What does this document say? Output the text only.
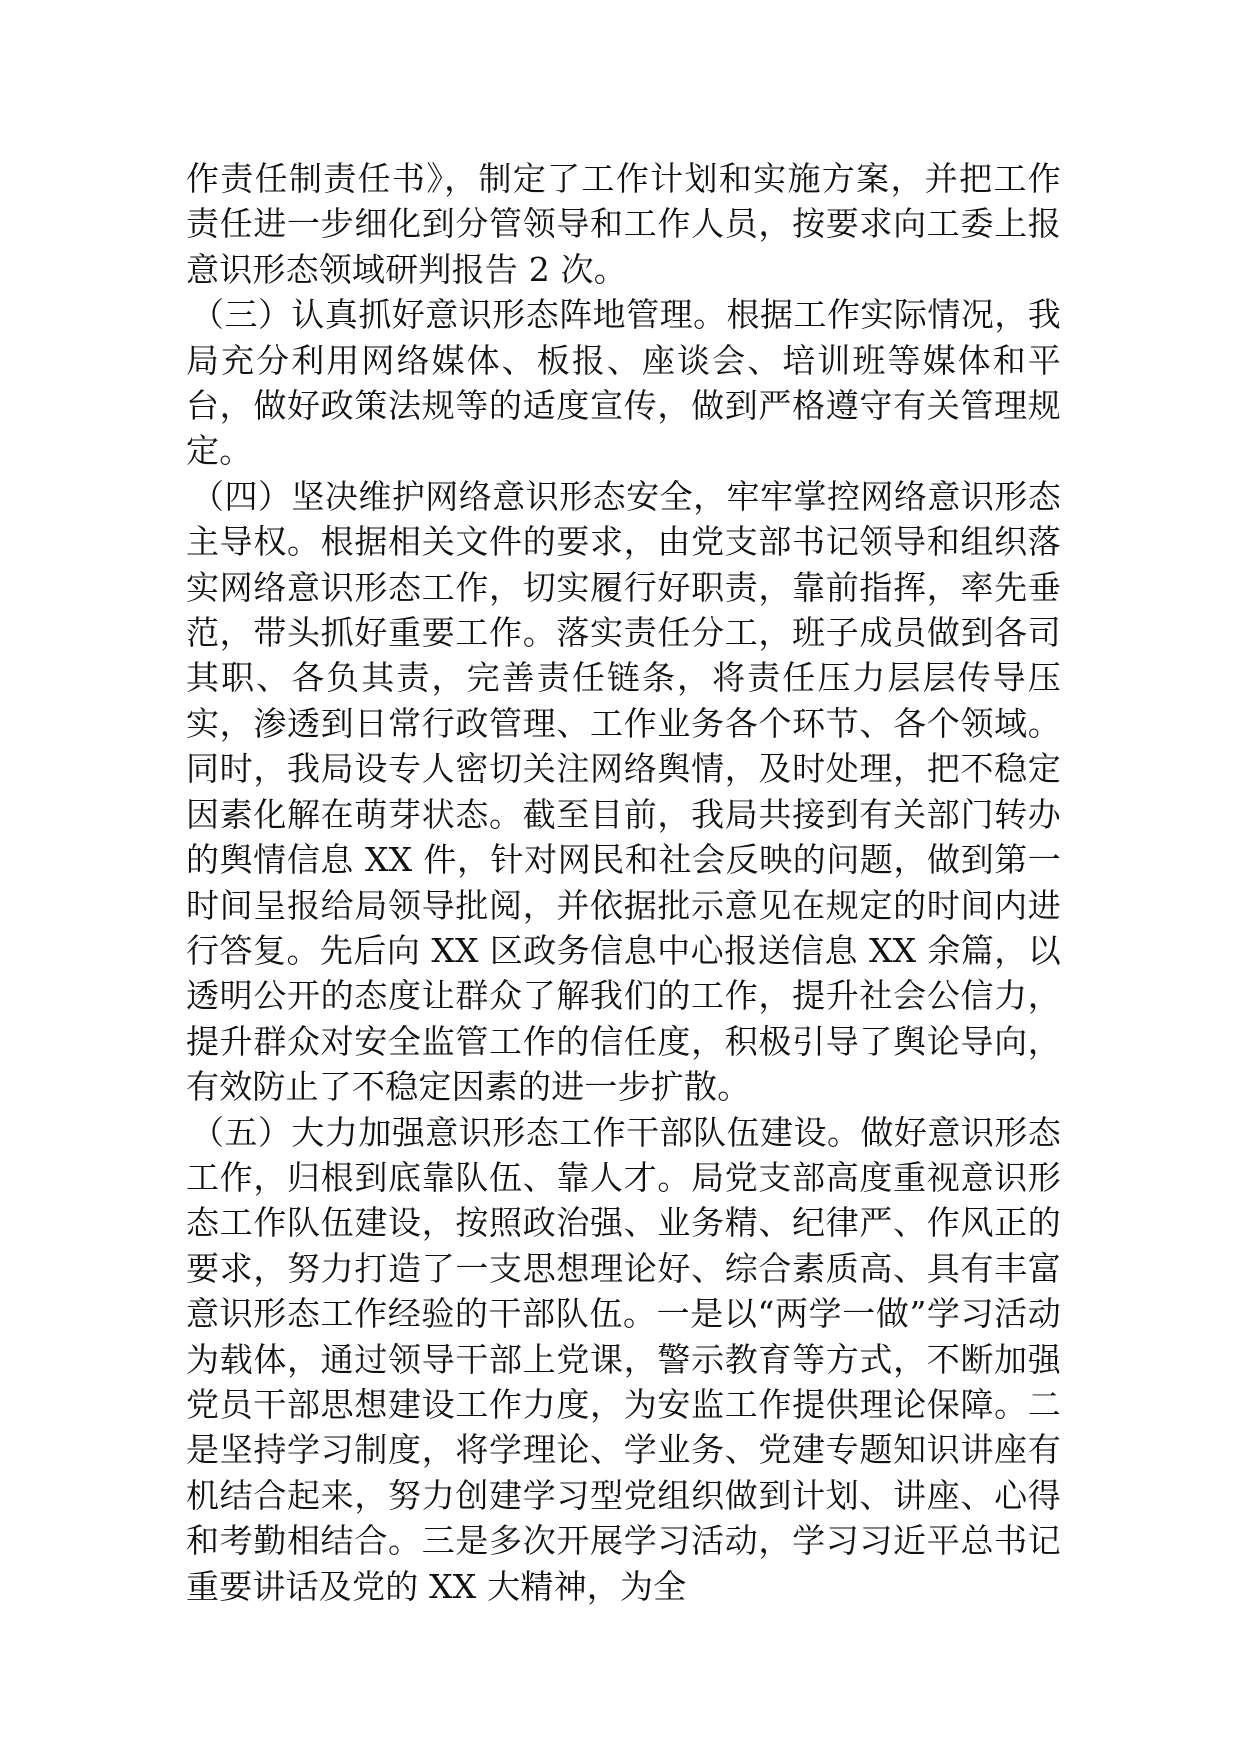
作责任制责任书》，制定了工作计划和实施方案，并把工作责任进一步细化到分管领导和工作人员，按要求向工委上报意识形态领域研判报告 2 次。

（三）认真抓好意识形态阵地管理。根据工作实际情况，我局充分利用网络媒体、板报、座谈会、培训班等媒体和平台，做好政策法规等的适度宣传，做到严格遵守有关管理规定。

（四）坚决维护网络意识形态安全，牢牢掌控网络意识形态主导权。根据相关文件的要求，由党支部书记领导和组织落实网络意识形态工作，切实履行好职责，靠前指挥，率先垂范，带头抓好重要工作。落实责任分工，班子成员做到各司其职、各负其责，完善责任链条，将责任压力层层传导压实，渗透到日常行政管理、工作业务各个环节、各个领域。同时，我局设专人密切关注网络舆情，及时处理，把不稳定因素化解在萌芽状态。截至目前，我局共接到有关部门转办的舆情信息 XX 件，针对网民和社会反映的问题，做到第一时间呈报给局领导批阅，并依据批示意见在规定的时间内进行答复。先后向 XX 区政务信息中心报送信息 XX 余篇，以透明公开的态度让群众了解我们的工作，提升社会公信力，提升群众对安全监管工作的信任度，积极引导了舆论导向，有效防止了不稳定因素的进一步扩散。

（五）大力加强意识形态工作干部队伍建设。做好意识形态工作，归根到底靠队伍、靠人才。局党支部高度重视意识形态工作队伍建设，按照政治强、业务精、纪律严、作风正的要求，努力打造了一支思想理论好、综合素质高、具有丰富意识形态工作经验的干部队伍。一是以“两学一做”学习活动为载体，通过领导干部上党课，警示教育等方式，不断加强党员干部思想建设工作力度，为安监工作提供理论保障。二是坚持学习制度，将学理论、学业务、党建专题知识讲座有机结合起来，努力创建学习型党组织做到计划、讲座、心得和考勤相结合。三是多次开展学习活动，学习习近平总书记重要讲话及党的 XX 大精神，为全
